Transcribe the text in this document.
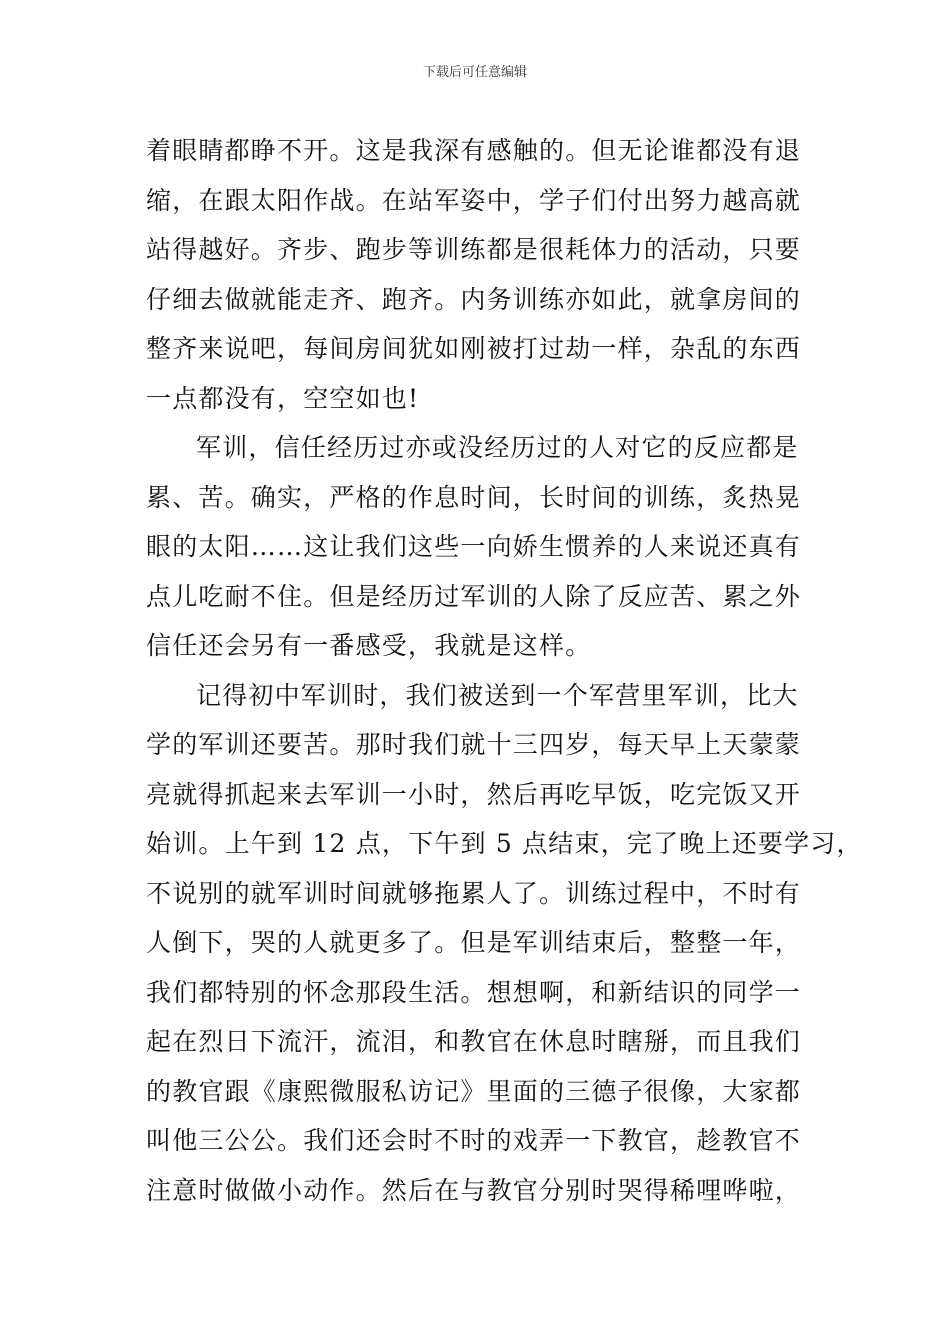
下载后可任意编辑
着眼睛都睁不开。这是我深有感触的。但无论谁都没有退
缩，在跟太阳作战。在站军姿中，学子们付出努力越高就
站得越好。齐步、跑步等训练都是很耗体力的活动，只要
仔细去做就能走齐、跑齐。内务训练亦如此，就拿房间的
整齐来说吧，每间房间犹如刚被打过劫一样，杂乱的东西
一点都没有，空空如也!
军训，信任经历过亦或没经历过的人对它的反应都是
累、苦。确实，严格的作息时间，长时间的训练，炙热晃
眼的太阳……这让我们这些一向娇生惯养的人来说还真有
点儿吃耐不住。但是经历过军训的人除了反应苦、累之外
信任还会另有一番感受，我就是这样。
记得初中军训时，我们被送到一个军营里军训，比大
学的军训还要苦。那时我们就十三四岁，每天早上天蒙蒙
亮就得抓起来去军训一小时，然后再吃早饭，吃完饭又开
始训。上午到 12 点，下午到 5 点结束，完了晚上还要学习，
不说别的就军训时间就够拖累人了。训练过程中，不时有
人倒下，哭的人就更多了。但是军训结束后，整整一年，
我们都特别的怀念那段生活。想想啊，和新结识的同学一
起在烈日下流汗，流泪，和教官在休息时瞎掰，而且我们
的教官跟《康熙微服私访记》里面的三德子很像，大家都
叫他三公公。我们还会时不时的戏弄一下教官，趁教官不
注意时做做小动作。然后在与教官分别时哭得稀哩哗啦，
